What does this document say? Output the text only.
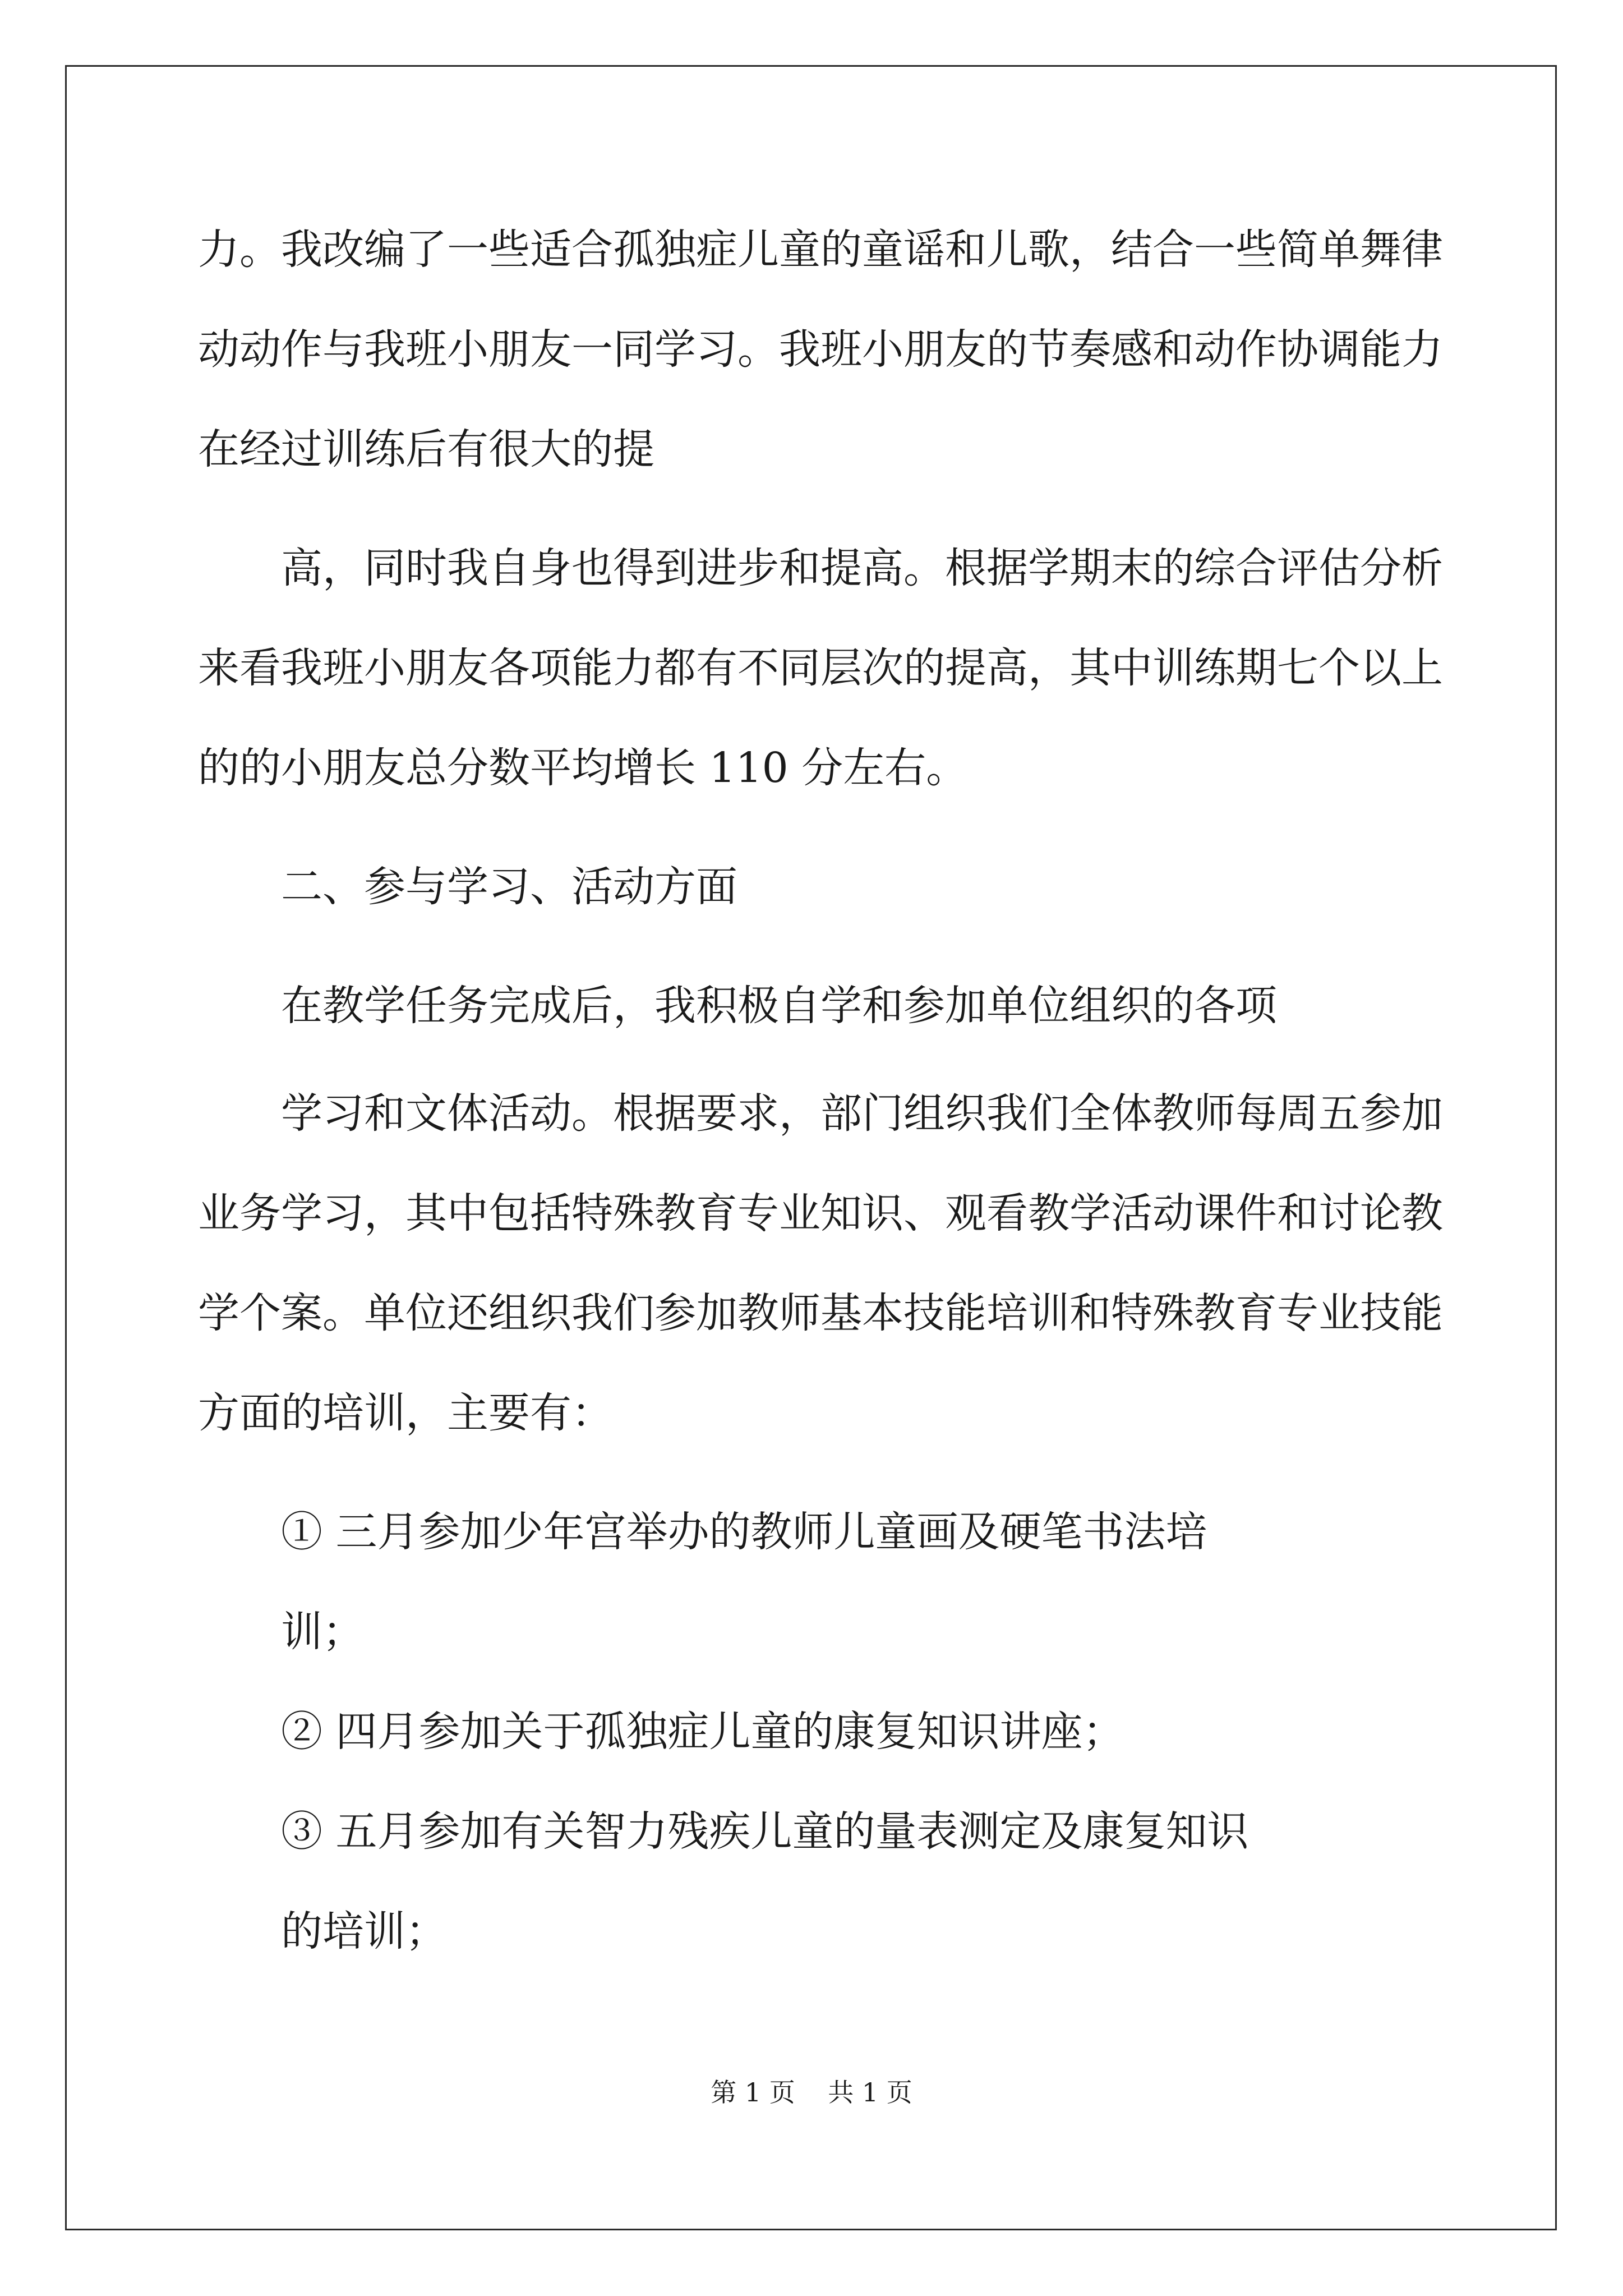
力。我改编了一些适合孤独症儿童的童谣和儿歌，结合一些简单舞律
动动作与我班小朋友一同学习。我班小朋友的节奏感和动作协调能力
在经过训练后有很大的提
高，同时我自身也得到进步和提高。根据学期末的综合评估分析
来看我班小朋友各项能力都有不同层次的提高，其中训练期七个以上
的的小朋友总分数平均增长 110 分左右。
二、参与学习、活动方面
在教学任务完成后，我积极自学和参加单位组织的各项
学习和文体活动。根据要求，部门组织我们全体教师每周五参加
业务学习，其中包括特殊教育专业知识、观看教学活动课件和讨论教
学个案。单位还组织我们参加教师基本技能培训和特殊教育专业技能
方面的培训，主要有：
① 三月参加少年宫举办的教师儿童画及硬笔书法培
训；
② 四月参加关于孤独症儿童的康复知识讲座；
③ 五月参加有关智力残疾儿童的量表测定及康复知识
的培训；
第 1 页    共 1 页
